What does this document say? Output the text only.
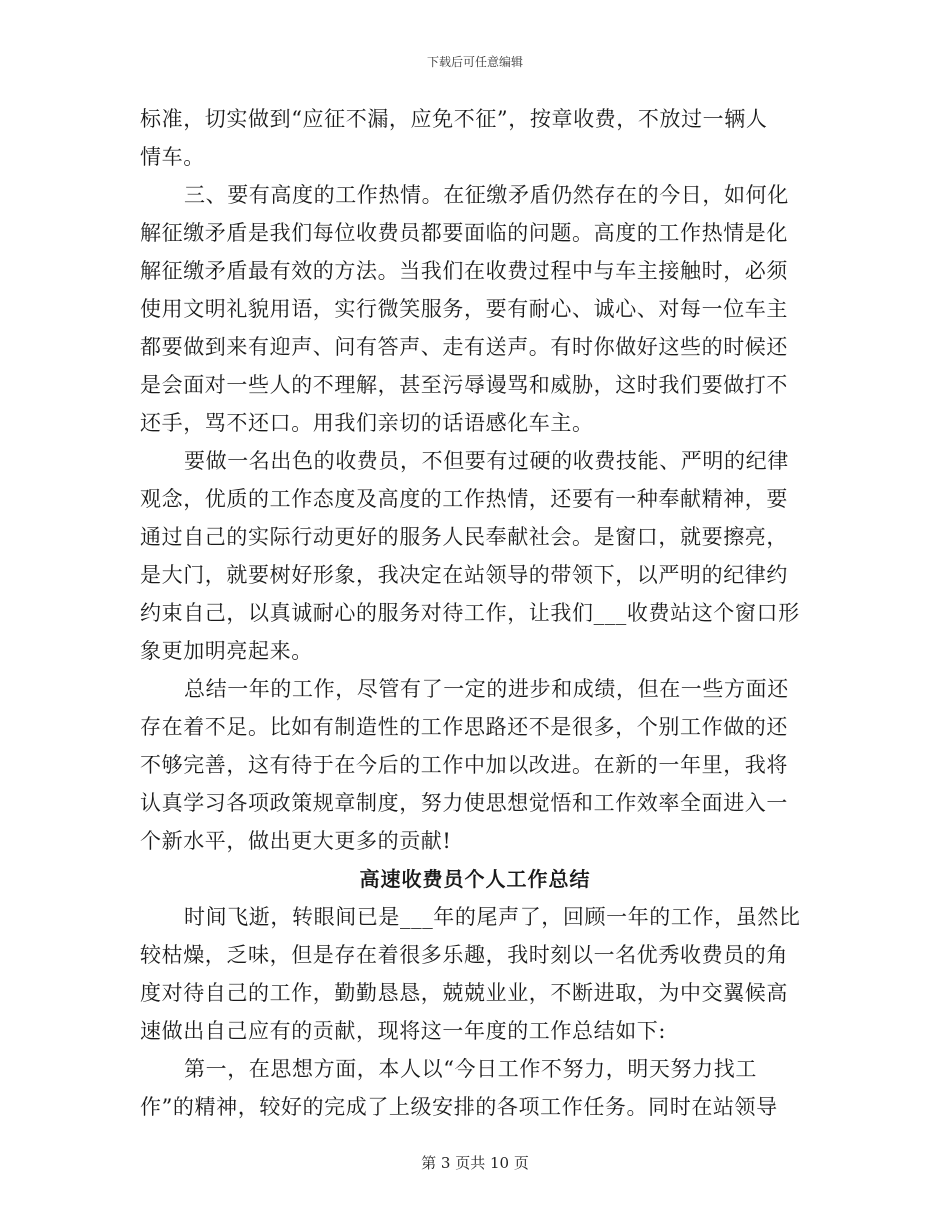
下载后可任意编辑
标准，切实做到“应征不漏，应免不征”，按章收费，不放过一辆人
情车。
三、要有高度的工作热情。在征缴矛盾仍然存在的今日，如何化
解征缴矛盾是我们每位收费员都要面临的问题。高度的工作热情是化
解征缴矛盾最有效的方法。当我们在收费过程中与车主接触时，必须
使用文明礼貌用语，实行微笑服务，要有耐心、诚心、对每一位车主
都要做到来有迎声、问有答声、走有送声。有时你做好这些的时候还
是会面对一些人的不理解，甚至污辱谩骂和威胁，这时我们要做打不
还手，骂不还口。用我们亲切的话语感化车主。
要做一名出色的收费员，不但要有过硬的收费技能、严明的纪律
观念，优质的工作态度及高度的工作热情，还要有一种奉献精神，要
通过自己的实际行动更好的服务人民奉献社会。是窗口，就要擦亮，
是大门，就要树好形象，我决定在站领导的带领下，以严明的纪律约
约束自己，以真诚耐心的服务对待工作，让我们___收费站这个窗口形
象更加明亮起来。
总结一年的工作，尽管有了一定的进步和成绩，但在一些方面还
存在着不足。比如有制造性的工作思路还不是很多，个别工作做的还
不够完善，这有待于在今后的工作中加以改进。在新的一年里，我将
认真学习各项政策规章制度，努力使思想觉悟和工作效率全面进入一
个新水平，做出更大更多的贡献!
高速收费员个人工作总结
时间飞逝，转眼间已是___年的尾声了，回顾一年的工作，虽然比
较枯燥，乏味，但是存在着很多乐趣，我时刻以一名优秀收费员的角
度对待自己的工作，勤勤恳恳，兢兢业业，不断进取，为中交翼候高
速做出自己应有的贡献，现将这一年度的工作总结如下:
第一，在思想方面，本人以“今日工作不努力，明天努力找工
作”的精神，较好的完成了上级安排的各项工作任务。同时在站领导
第 3 页共 10 页
